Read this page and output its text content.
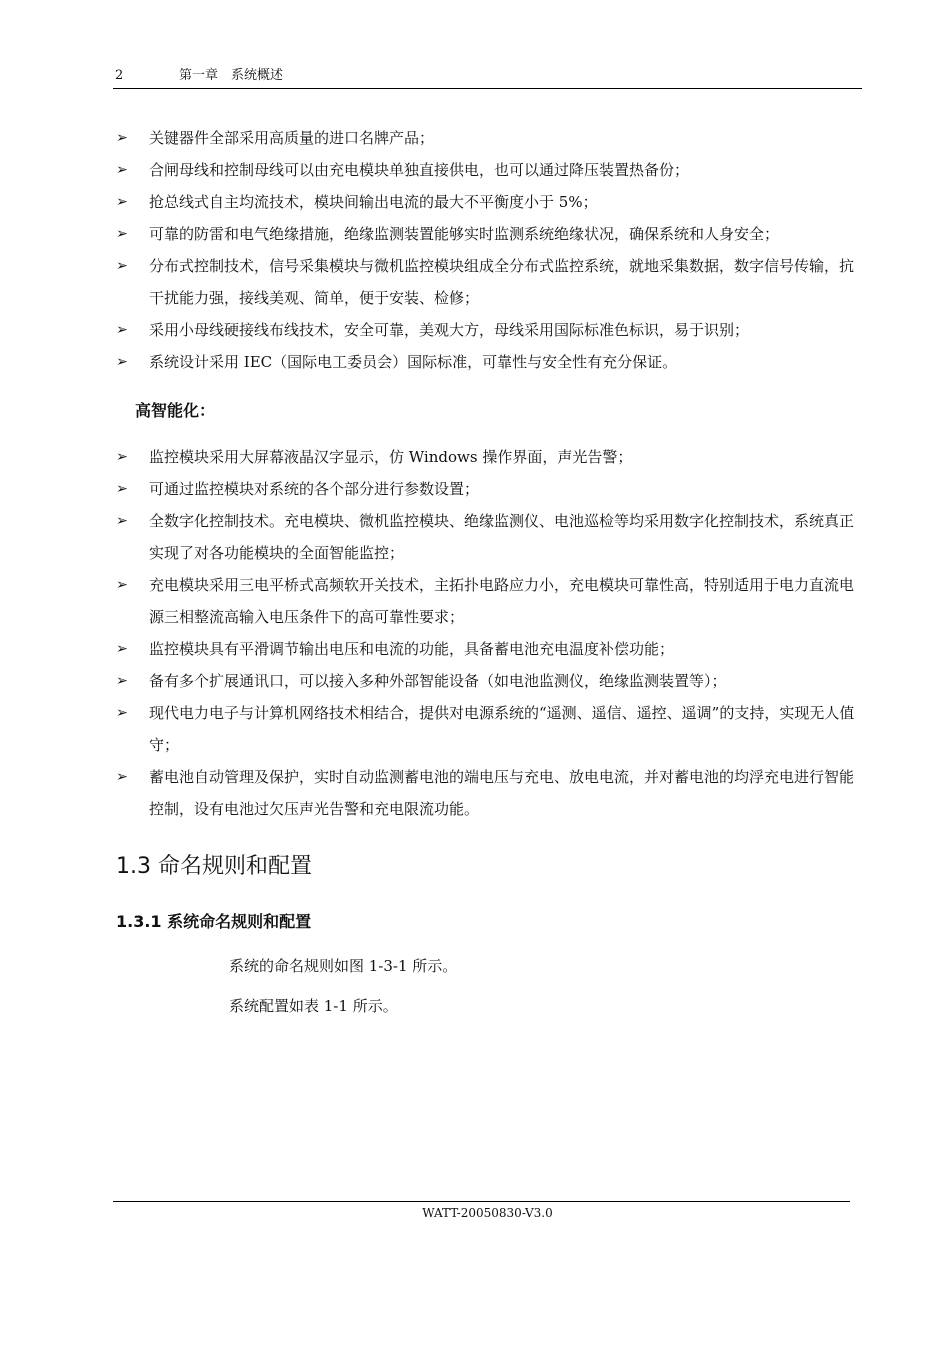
2	第一章　系统概述
➢ 关键器件全部采用高质量的进口名牌产品；
➢ 合闸母线和控制母线可以由充电模块单独直接供电，也可以通过降压装置热备份；
➢ 抢总线式自主均流技术，模块间输出电流的最大不平衡度小于 5%；
➢ 可靠的防雷和电气绝缘措施，绝缘监测装置能够实时监测系统绝缘状况，确保系统和人身安全；
➢ 分布式控制技术，信号采集模块与微机监控模块组成全分布式监控系统，就地采集数据，数字信号传输，抗干扰能力强，接线美观、简单，便于安装、检修；
➢ 采用小母线硬接线布线技术，安全可靠，美观大方，母线采用国际标准色标识，易于识别；
➢ 系统设计采用 IEC（国际电工委员会）国际标准，可靠性与安全性有充分保证。
高智能化：
➢ 监控模块采用大屏幕液晶汉字显示，仿 Windows 操作界面，声光告警；
➢ 可通过监控模块对系统的各个部分进行参数设置；
➢ 全数字化控制技术。充电模块、微机监控模块、绝缘监测仪、电池巡检等均采用数字化控制技术，系统真正实现了对各功能模块的全面智能监控；
➢ 充电模块采用三电平桥式高频软开关技术，主拓扑电路应力小，充电模块可靠性高，特别适用于电力直流电源三相整流高输入电压条件下的高可靠性要求；
➢ 监控模块具有平滑调节输出电压和电流的功能，具备蓄电池充电温度补偿功能；
➢ 备有多个扩展通讯口，可以接入多种外部智能设备（如电池监测仪，绝缘监测装置等）；
➢ 现代电力电子与计算机网络技术相结合，提供对电源系统的“遥测、遥信、遥控、遥调”的支持，实现无人值守；
➢ 蓄电池自动管理及保护，实时自动监测蓄电池的端电压与充电、放电电流，并对蓄电池的均浮充电进行智能控制，设有电池过欠压声光告警和充电限流功能。
1.3 命名规则和配置
1.3.1 系统命名规则和配置
系统的命名规则如图 1-3-1 所示。
系统配置如表 1-1 所示。
WATT-20050830-V3.0
